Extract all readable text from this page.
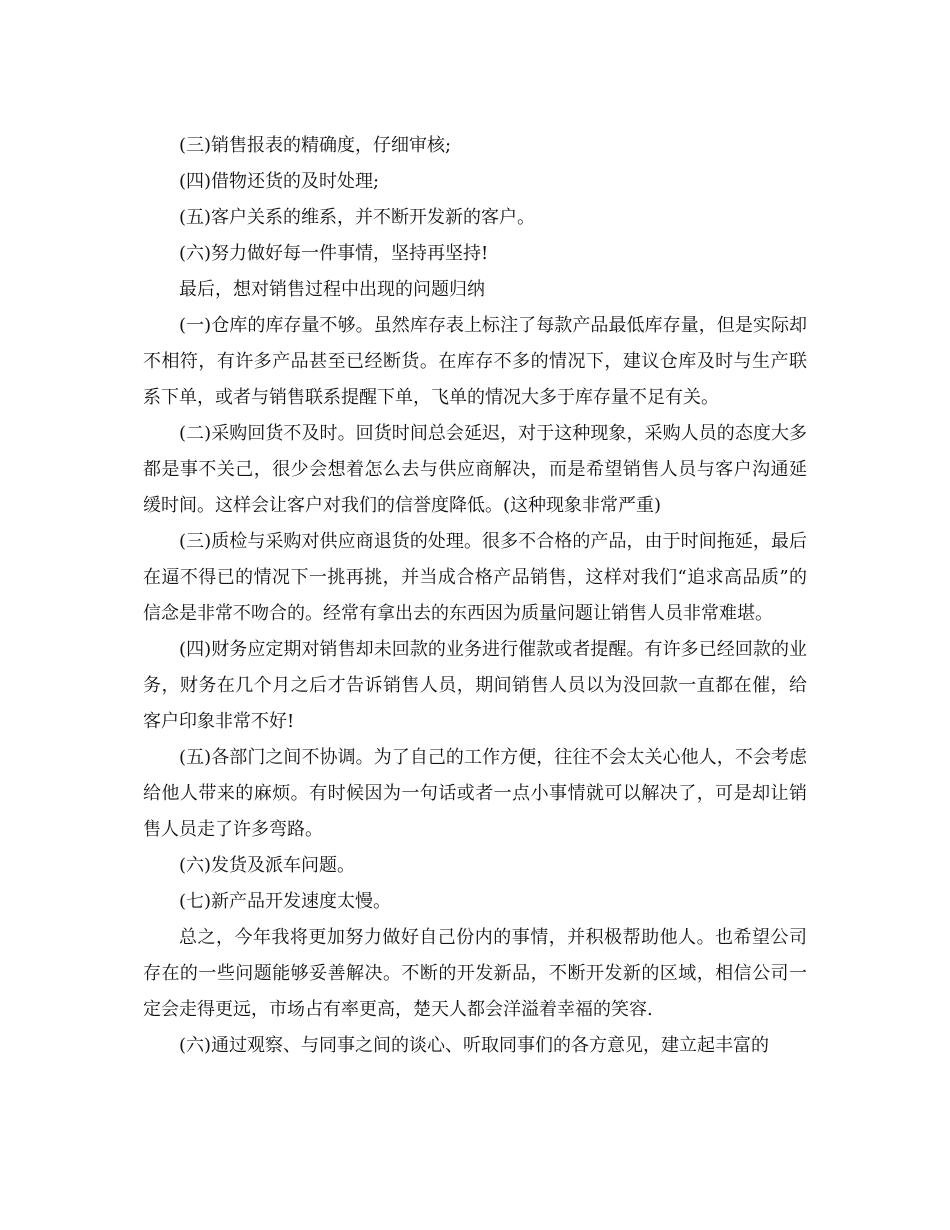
(三)销售报表的精确度，仔细审核;

(四)借物还货的及时处理;

(五)客户关系的维系，并不断开发新的客户。

(六)努力做好每一件事情，坚持再坚持!

最后，想对销售过程中出现的问题归纳

(一)仓库的库存量不够。虽然库存表上标注了每款产品最低库存量，但是实际却不相符，有许多产品甚至已经断货。在库存不多的情况下，建议仓库及时与生产联系下单，或者与销售联系提醒下单，飞单的情况大多于库存量不足有关。

(二)采购回货不及时。回货时间总会延迟，对于这种现象，采购人员的态度大多都是事不关己，很少会想着怎么去与供应商解决，而是希望销售人员与客户沟通延缓时间。这样会让客户对我们的信誉度降低。(这种现象非常严重)

(三)质检与采购对供应商退货的处理。很多不合格的产品，由于时间拖延，最后在逼不得已的情况下一挑再挑，并当成合格产品销售，这样对我们“追求高品质”的信念是非常不吻合的。经常有拿出去的东西因为质量问题让销售人员非常难堪。

(四)财务应定期对销售却未回款的业务进行催款或者提醒。有许多已经回款的业务，财务在几个月之后才告诉销售人员，期间销售人员以为没回款一直都在催，给客户印象非常不好!

(五)各部门之间不协调。为了自己的工作方便，往往不会太关心他人，不会考虑给他人带来的麻烦。有时候因为一句话或者一点小事情就可以解决了，可是却让销售人员走了许多弯路。

(六)发货及派车问题。

(七)新产品开发速度太慢。

总之，今年我将更加努力做好自己份内的事情，并积极帮助他人。也希望公司存在的一些问题能够妥善解决。不断的开发新品，不断开发新的区域，相信公司一定会走得更远，市场占有率更高，楚天人都会洋溢着幸福的笑容.

(六)通过观察、与同事之间的谈心、听取同事们的各方意见，建立起丰富的
